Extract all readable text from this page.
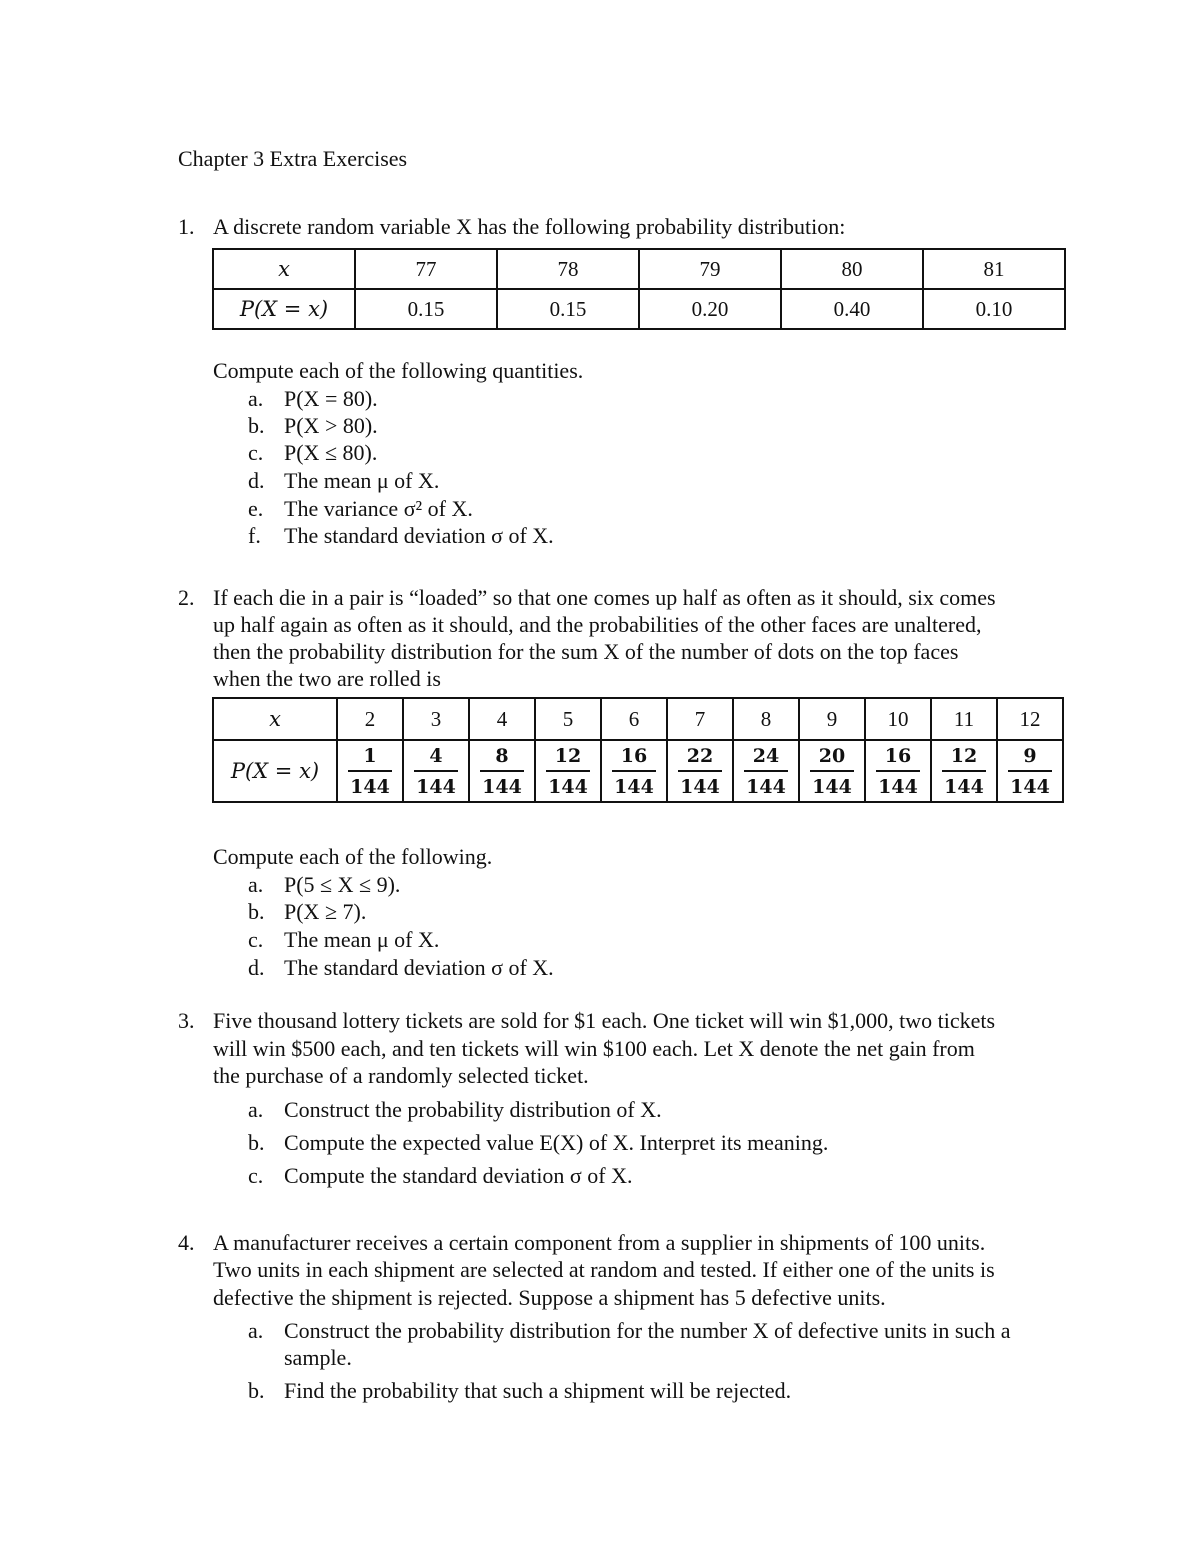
Chapter 3 Extra Exercises
1. A discrete random variable X has the following probability distribution:
x	77	78	79	80	81
P(X = x)	0.15	0.15	0.20	0.40	0.10
Compute each of the following quantities.
a. P(X = 80).
b. P(X > 80).
c. P(X ≤ 80).
d. The mean μ of X.
e. The variance σ² of X.
f. The standard deviation σ of X.
2. If each die in a pair is “loaded” so that one comes up half as often as it should, six comes
up half again as often as it should, and the probabilities of the other faces are unaltered,
then the probability distribution for the sum X of the number of dots on the top faces
when the two are rolled is
x	2	3	4	5	6	7	8	9	10	11	12
P(X = x)	$\frac{1}{144}$	$\frac{4}{144}$	$\frac{8}{144}$	$\frac{12}{144}$	$\frac{16}{144}$	$\frac{22}{144}$	$\frac{24}{144}$	$\frac{20}{144}$	$\frac{16}{144}$	$\frac{12}{144}$	$\frac{9}{144}$
Compute each of the following.
a. P(5 ≤ X ≤ 9).
b. P(X ≥ 7).
c. The mean μ of X.
d. The standard deviation σ of X.
3. Five thousand lottery tickets are sold for $1 each. One ticket will win $1,000, two tickets
will win $500 each, and ten tickets will win $100 each. Let X denote the net gain from
the purchase of a randomly selected ticket.
a. Construct the probability distribution of X.
b. Compute the expected value E(X) of X. Interpret its meaning.
c. Compute the standard deviation σ of X.
4. A manufacturer receives a certain component from a supplier in shipments of 100 units.
Two units in each shipment are selected at random and tested. If either one of the units is
defective the shipment is rejected. Suppose a shipment has 5 defective units.
a. Construct the probability distribution for the number X of defective units in such a
sample.
b. Find the probability that such a shipment will be rejected.
